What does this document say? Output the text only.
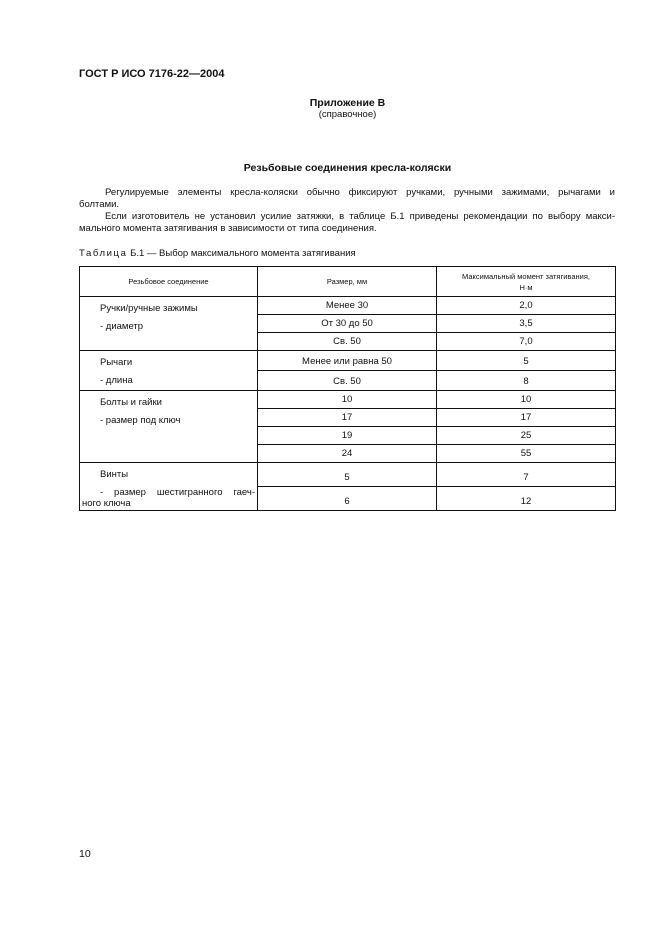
ГОСТ Р ИСО 7176-22—2004
Приложение В
(справочное)
Резьбовые соединения кресла-коляски

Регулируемые элементы кресла-коляски обычно фиксируют ручками, ручными зажимами, рычагами и
болтами.

Если изготовитель не установил усилие затяжки, в таблице Б.1 приведены рекомендации по выбору макси-
мального момента затягивания в зависимости от типа соединения.

Таблица Б.1 — Выбор максимального момента затягивания
Резьбовое соединение	Размер, мм	Максимальный момент затягивания,
Н·м

Ручки/ручные зажимы
- диаметр	Менее 30	2,0
	От 30 до 50	3,5
	Св. 50	7,0

Рычаги
- длина	Менее или равна 50	5
	Св. 50	8

Болты и гайки
- размер под ключ	10	10
	17	17
	19	25
	24	55

Винты
- размер шестигранного гаеч-
ного ключа	5	7
	6	12
10
